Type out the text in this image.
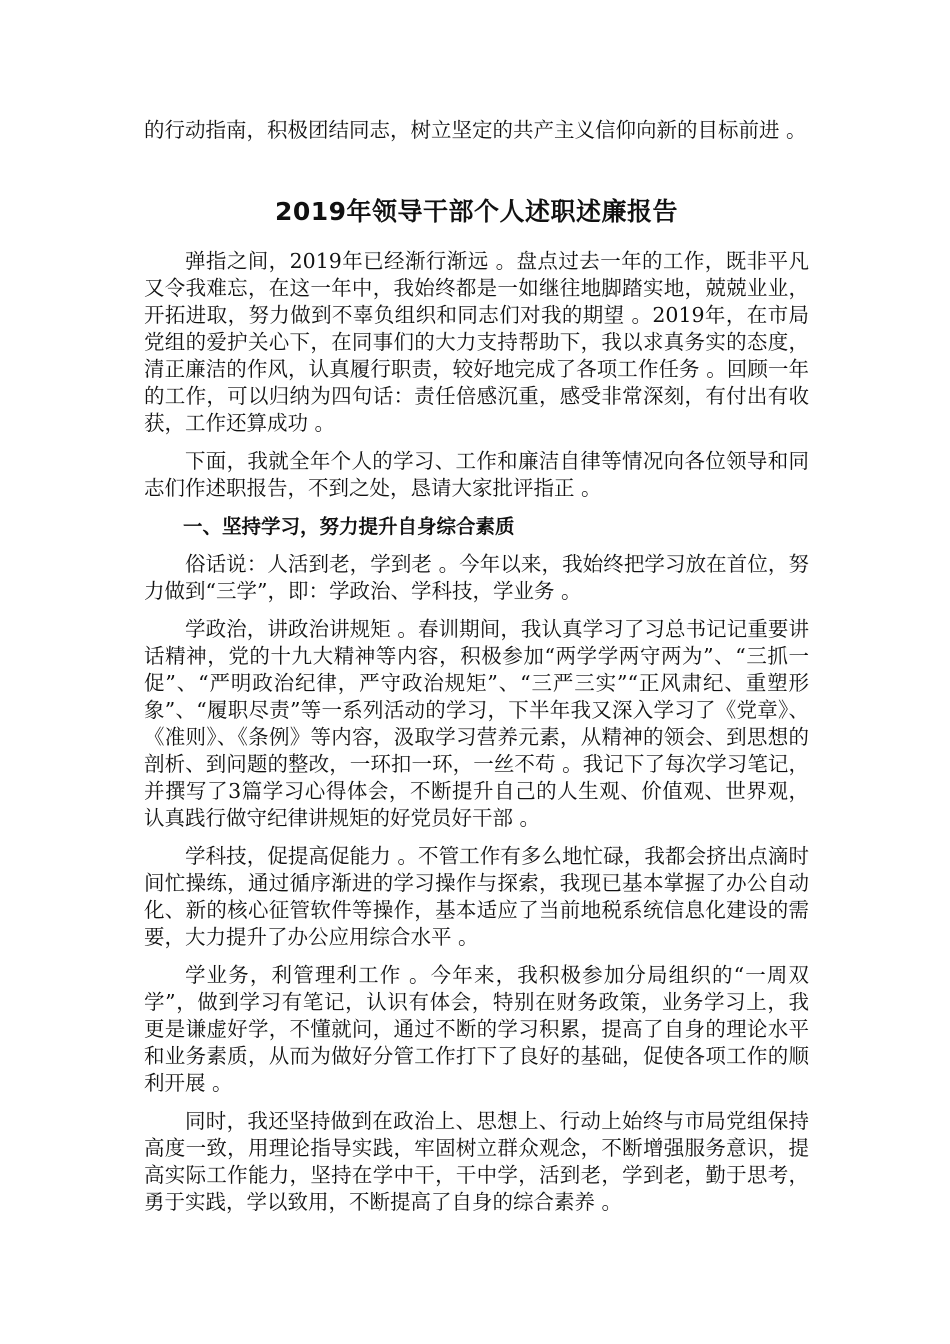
的行动指南，积极团结同志，树立坚定的共产主义信仰向新的目标前进 。

2019年领导干部个人述职述廉报告

弹指之间，2019年已经渐行渐远 。盘点过去一年的工作，既非平凡又令我难忘，在这一年中，我始终都是一如继往地脚踏实地，兢兢业业，开拓进取，努力做到不辜负组织和同志们对我的期望 。2019年，在市局党组的爱护关心下，在同事们的大力支持帮助下，我以求真务实的态度，清正廉洁的作风，认真履行职责，较好地完成了各项工作任务 。回顾一年的工作，可以归纳为四句话：责任倍感沉重，感受非常深刻，有付出有收获，工作还算成功 。

下面，我就全年个人的学习、工作和廉洁自律等情况向各位领导和同志们作述职报告，不到之处，恳请大家批评指正 。

一、坚持学习，努力提升自身综合素质

俗话说：人活到老，学到老 。今年以来，我始终把学习放在首位，努力做到“三学”，即：学政治、学科技，学业务 。

学政治，讲政治讲规矩 。春训期间，我认真学习了习总书记记重要讲话精神，党的十九大精神等内容，积极参加“两学学两守两为”、“三抓一促”、“严明政治纪律，严守政治规矩”、“三严三实”“正风肃纪、重塑形象”、“履职尽责”等一系列活动的学习，下半年我又深入学习了《党章》、《准则》、《条例》等内容，汲取学习营养元素，从精神的领会、到思想的剖析、到问题的整改，一环扣一环，一丝不苟 。我记下了每次学习笔记，并撰写了3篇学习心得体会，不断提升自己的人生观、价值观、世界观，认真践行做守纪律讲规矩的好党员好干部 。

学科技，促提高促能力 。不管工作有多么地忙碌，我都会挤出点滴时间忙操练，通过循序渐进的学习操作与探索，我现已基本掌握了办公自动化、新的核心征管软件等操作，基本适应了当前地税系统信息化建设的需要，大力提升了办公应用综合水平 。

学业务，利管理利工作 。今年来，我积极参加分局组织的“一周双学”，做到学习有笔记，认识有体会，特别在财务政策，业务学习上，我更是谦虚好学，不懂就问，通过不断的学习积累，提高了自身的理论水平和业务素质，从而为做好分管工作打下了良好的基础，促使各项工作的顺利开展 。

同时，我还坚持做到在政治上、思想上、行动上始终与市局党组保持高度一致，用理论指导实践，牢固树立群众观念，不断增强服务意识，提高实际工作能力，坚持在学中干，干中学，活到老，学到老，勤于思考，勇于实践，学以致用，不断提高了自身的综合素养 。
